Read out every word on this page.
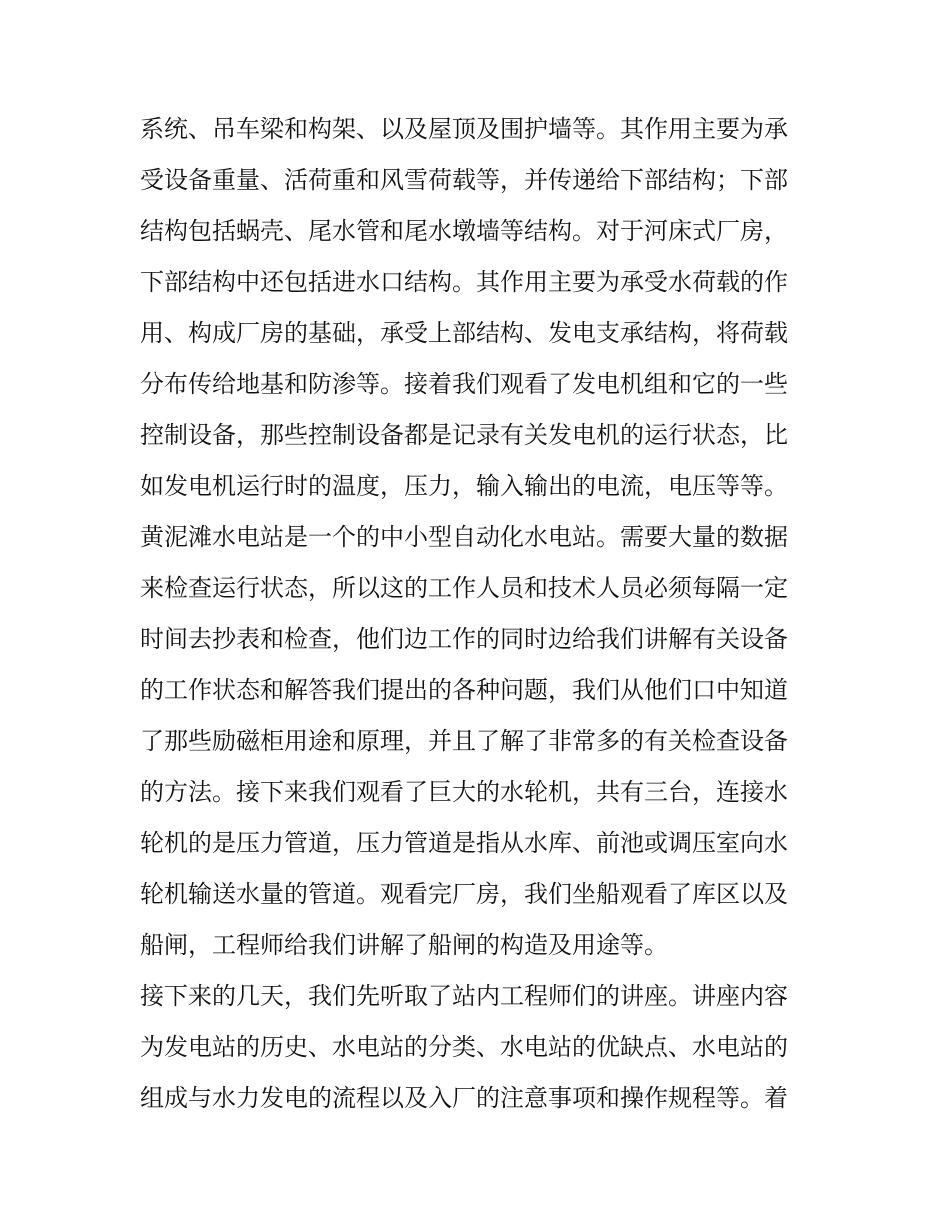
系统、吊车梁和构架、以及屋顶及围护墙等。其作用主要为承
受设备重量、活荷重和风雪荷载等，并传递给下部结构；下部
结构包括蜗壳、尾水管和尾水墩墙等结构。对于河床式厂房，
下部结构中还包括进水口结构。其作用主要为承受水荷载的作
用、构成厂房的基础，承受上部结构、发电支承结构，将荷载
分布传给地基和防渗等。接着我们观看了发电机组和它的一些
控制设备，那些控制设备都是记录有关发电机的运行状态，比
如发电机运行时的温度，压力，输入输出的电流，电压等等。
黄泥滩水电站是一个的中小型自动化水电站。需要大量的数据
来检查运行状态，所以这的工作人员和技术人员必须每隔一定
时间去抄表和检查，他们边工作的同时边给我们讲解有关设备
的工作状态和解答我们提出的各种问题，我们从他们口中知道
了那些励磁柜用途和原理，并且了解了非常多的有关检查设备
的方法。接下来我们观看了巨大的水轮机，共有三台，连接水
轮机的是压力管道，压力管道是指从水库、前池或调压室向水
轮机输送水量的管道。观看完厂房，我们坐船观看了库区以及
船闸，工程师给我们讲解了船闸的构造及用途等。
接下来的几天，我们先听取了站内工程师们的讲座。讲座内容
为发电站的历史、水电站的分类、水电站的优缺点、水电站的
组成与水力发电的流程以及入厂的注意事项和操作规程等。着
